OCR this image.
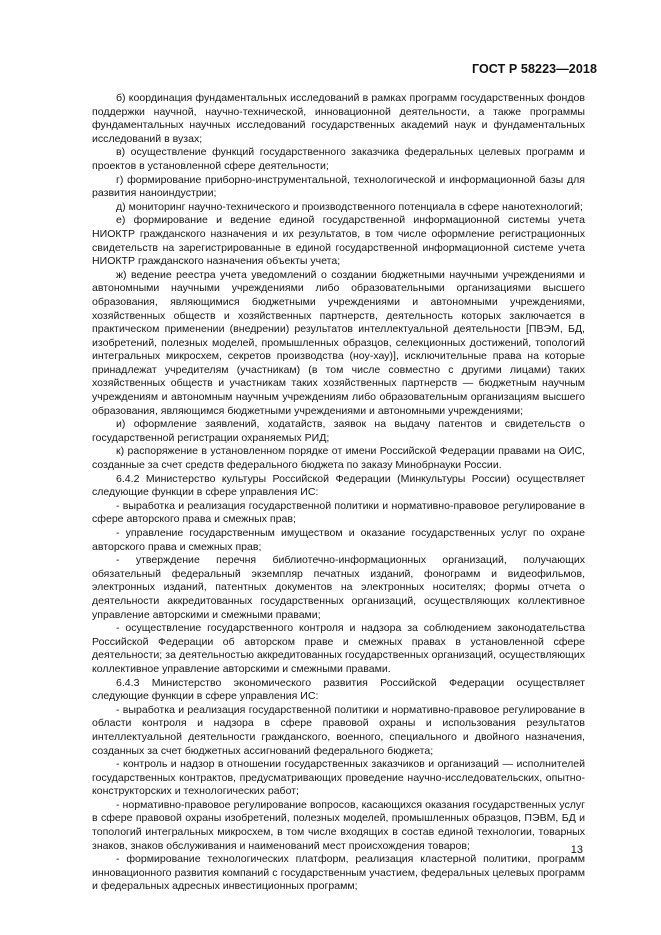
ГОСТ Р 58223—2018

б) координация фундаментальных исследований в рамках программ государственных фондов поддержки научной, научно-технической, инновационной деятельности, а также программы фундаментальных научных исследований государственных академий наук и фундаментальных исследований в вузах;

в) осуществление функций государственного заказчика федеральных целевых программ и проектов в установленной сфере деятельности;

г) формирование приборно-инструментальной, технологической и информационной базы для развития наноиндустрии;

д) мониторинг научно-технического и производственного потенциала в сфере нанотехнологий;

е) формирование и ведение единой государственной информационной системы учета НИОКТР гражданского назначения и их результатов, в том числе оформление регистрационных свидетельств на зарегистрированные в единой государственной информационной системе учета НИОКТР гражданского назначения объекты учета;

ж) ведение реестра учета уведомлений о создании бюджетными научными учреждениями и автономными научными учреждениями либо образовательными организациями высшего образования, являющимися бюджетными учреждениями и автономными учреждениями, хозяйственных обществ и хозяйственных партнерств, деятельность которых заключается в практическом применении (внедрении) результатов интеллектуальной деятельности [ПВЭМ, БД, изобретений, полезных моделей, промышленных образцов, селекционных достижений, топологий интегральных микросхем, секретов производства (ноу-хау)], исключительные права на которые принадлежат учредителям (участникам) (в том числе совместно с другими лицами) таких хозяйственных обществ и участникам таких хозяйственных партнерств — бюджетным научным учреждениям и автономным научным учреждениям либо образовательным организациям высшего образования, являющимся бюджетными учреждениями и автономными учреждениями;

и) оформление заявлений, ходатайств, заявок на выдачу патентов и свидетельств о государственной регистрации охраняемых РИД;

к) распоряжение в установленном порядке от имени Российской Федерации правами на ОИС, созданные за счет средств федерального бюджета по заказу Минобрнауки России.

6.4.2 Министерство культуры Российской Федерации (Минкультуры России) осуществляет следующие функции в сфере управления ИС:

- выработка и реализация государственной политики и нормативно-правовое регулирование в сфере авторского права и смежных прав;

- управление государственным имуществом и оказание государственных услуг по охране авторского права и смежных прав;

- утверждение перечня библиотечно-информационных организаций, получающих обязательный федеральный экземпляр печатных изданий, фонограмм и видеофильмов, электронных изданий, патентных документов на электронных носителях; формы отчета о деятельности аккредитованных государственных организаций, осуществляющих коллективное управление авторскими и смежными правами;

- осуществление государственного контроля и надзора за соблюдением законодательства Российской Федерации об авторском праве и смежных правах в установленной сфере деятельности; за деятельностью аккредитованных государственных организаций, осуществляющих коллективное управление авторскими и смежными правами.

6.4.3 Министерство экономического развития Российской Федерации осуществляет следующие функции в сфере управления ИС:

- выработка и реализация государственной политики и нормативно-правовое регулирование в области контроля и надзора в сфере правовой охраны и использования результатов интеллектуальной деятельности гражданского, военного, специального и двойного назначения, созданных за счет бюджетных ассигнований федерального бюджета;

- контроль и надзор в отношении государственных заказчиков и организаций — исполнителей государственных контрактов, предусматривающих проведение научно-исследовательских, опытно-конструкторских и технологических работ;

- нормативно-правовое регулирование вопросов, касающихся оказания государственных услуг в сфере правовой охраны изобретений, полезных моделей, промышленных образцов, ПЭВМ, БД и топологий интегральных микросхем, в том числе входящих в состав единой технологии, товарных знаков, знаков обслуживания и наименований мест происхождения товаров;

- формирование технологических платформ, реализация кластерной политики, программ инновационного развития компаний с государственным участием, федеральных целевых программ и федеральных адресных инвестиционных программ;

13
